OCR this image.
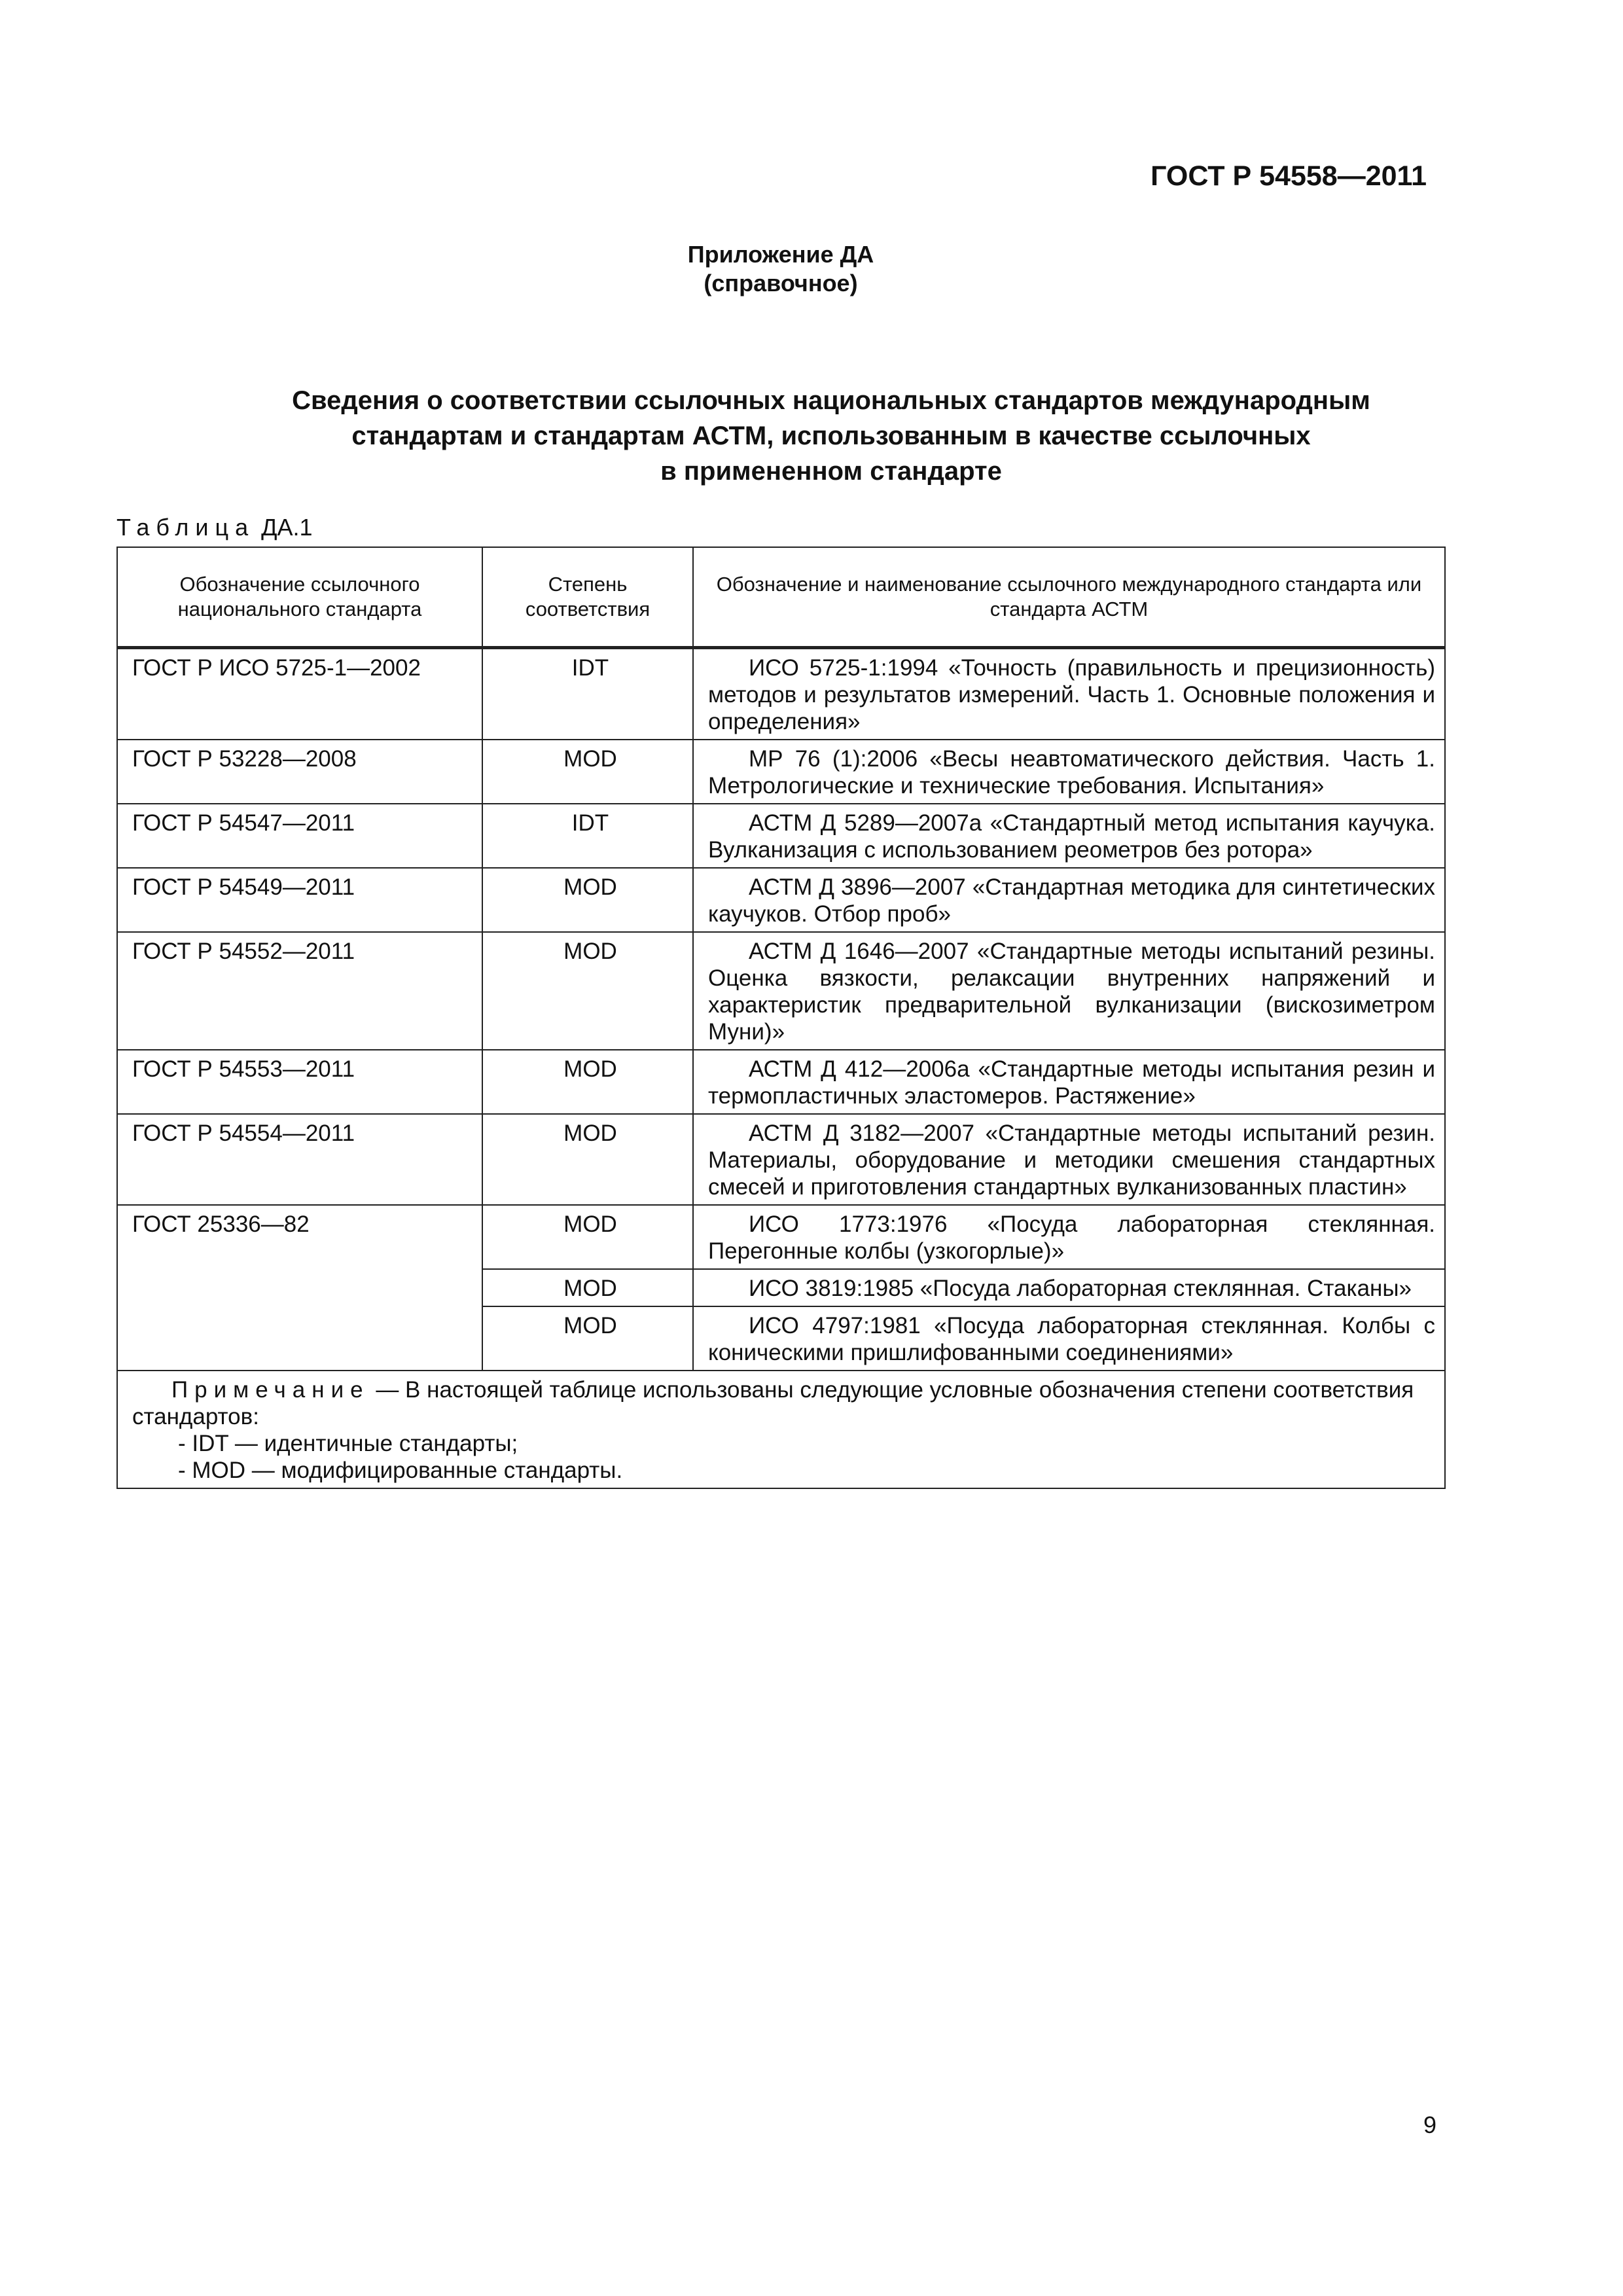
ГОСТ Р 54558—2011
Приложение ДА
(справочное)
Сведения о соответствии ссылочных национальных стандартов международным
стандартам и стандартам АСТМ, использованным в качестве ссылочных
в примененном стандарте
Таблица ДА.1
Обозначение ссылочного национального стандарта	Степень соответствия	Обозначение и наименование ссылочного международного стандарта или стандарта АСТМ
ГОСТ Р ИСО 5725-1—2002	IDT	ИСО 5725-1:1994 «Точность (правильность и прецизионность) методов и результатов измерений. Часть 1. Основные положения и определения»
ГОСТ Р 53228—2008	MOD	МР 76 (1):2006 «Весы неавтоматического действия. Часть 1. Метрологические и технические требования. Испытания»
ГОСТ Р 54547—2011	IDT	АСТМ Д 5289—2007а «Стандартный метод испытания каучука. Вулканизация с использованием реометров без ротора»
ГОСТ Р 54549—2011	MOD	АСТМ Д 3896—2007 «Стандартная методика для синтетических каучуков. Отбор проб»
ГОСТ Р 54552—2011	MOD	АСТМ Д 1646—2007 «Стандартные методы испытаний резины. Оценка вязкости, релаксации внутренних напряжений и характеристик предварительной вулканизации (вискозиметром Муни)»
ГОСТ Р 54553—2011	MOD	АСТМ Д 412—2006а «Стандартные методы испытания резин и термопластичных эластомеров. Растяжение»
ГОСТ Р 54554—2011	MOD	АСТМ Д 3182—2007 «Стандартные методы испытаний резин. Материалы, оборудование и методики смешения стандартных смесей и приготовления стандартных вулканизованных пластин»
ГОСТ 25336—82	MOD	ИСО 1773:1976 «Посуда лабораторная стеклянная. Перегонные колбы (узкогорлые)»
	MOD	ИСО 3819:1985 «Посуда лабораторная стеклянная. Стаканы»
	MOD	ИСО 4797:1981 «Посуда лабораторная стеклянная. Колбы с коническими пришлифованными соединениями»

Примечание — В настоящей таблице использованы следующие условные обозначения степени соответствия стандартов:
- IDT — идентичные стандарты;
- MOD — модифицированные стандарты.		
9
